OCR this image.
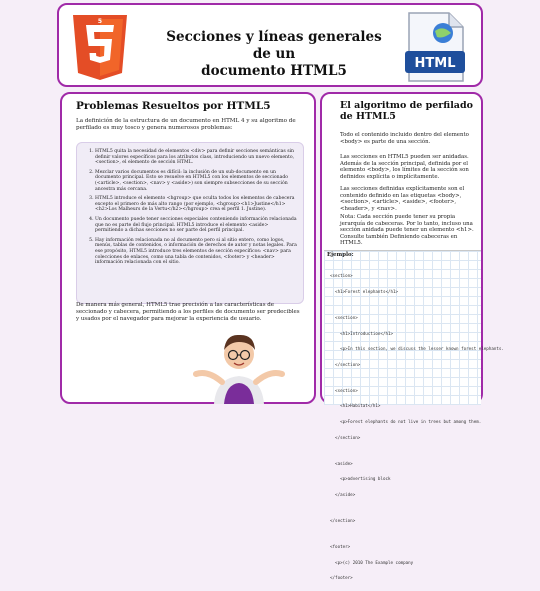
5
Secciones y líneas generales de un
documento HTML5	HTML
Problemas Resueltos por HTML5
La definición de la estructura de un documento en HTML 4 y su algoritmo de perfilado es muy tosco y genera numerosos problemas:
1. HTML5 quita la necesidad de elementos <div> para definir secciones semánticas sin definir valores específicos para los atributos class, introduciendo un nuevo elemento, <section>, el elemento de sección HTML.
2. Mezclar varios documentos es difícil: la inclusión de un sub-documento en un documento principal. Esto se resuelve en HTML5 con los elementos de seccionado (<article>, <section>, <nav> y <aside>) son siempre subsecciones de su sección ancestra más cercana.
3. HTML5 introduce el elemento <hgroup> que oculta todos los elementos de cabecera excepto el primero de más alto rango (por ejemplo, <hgroup><h1>Justine</h1><h2>Los Malheurs de la Vertu</h2></hgroup> crea el perfil 1. Justine).
4. Un documento puede tener secciones especiales conteniendo información relacionada que no es parte del flujo principal. HTML5 introduce el elemento <aside> permitiendo a dichas secciones no ser parte del perfil principal.
5. Hay información relacionada no al documento pero si al sitio entero, como logos, menús, tablas de contenidos, o información de derechos de autor y notas legales. Para ese propósito, HTML5 introduce tres elementos de sección específicos: <nav> para colecciones de enlaces, como una tabla de contenidos, <footer> y <header> información relacionada con el sitio.
De manera más general, HTML5 trae precisión a las características de seccionado y cabecera, permitiendo a los perfiles de documento ser predecibles y usados por el navegador para mejorar la experiencia de usuario.
El algoritmo de perfilado de HTML5

Todo el contenido incluido dentro del elemento <body> es parte de una sección.

Las secciones en HTML5 pueden ser anidadas. Además de la sección principal, definida por el elemento <body>, los límites de la sección son definidos explícita o implícitamente.

Las secciones definidas explícitamente son el contenido definido en las etiquetas <body>, <section>, <article>, <aside>, <footer>, <header>, y <nav>.

Nota: Cada sección puede tener su propia jerarquía de cabeceras. Por lo tanto, incluso una sección anidada puede tener un elemento <h1>. Consulte también Definiendo cabeceras en HTML5.

Ejemplo:

<section>

<h1>Forest elephants</h1>

<section>

<h1>Introduction</h1>

<p>In this section, we discuss the lesser known forest elephants.

</section>

<section>

<h1>Habitat</h1>

<p>Forest elephants do not live in trees but among them.

</section>

<aside>

<p>advertising block

</aside>

</section>

<footer>

<p>(c) 2010 The Example company

</footer>
